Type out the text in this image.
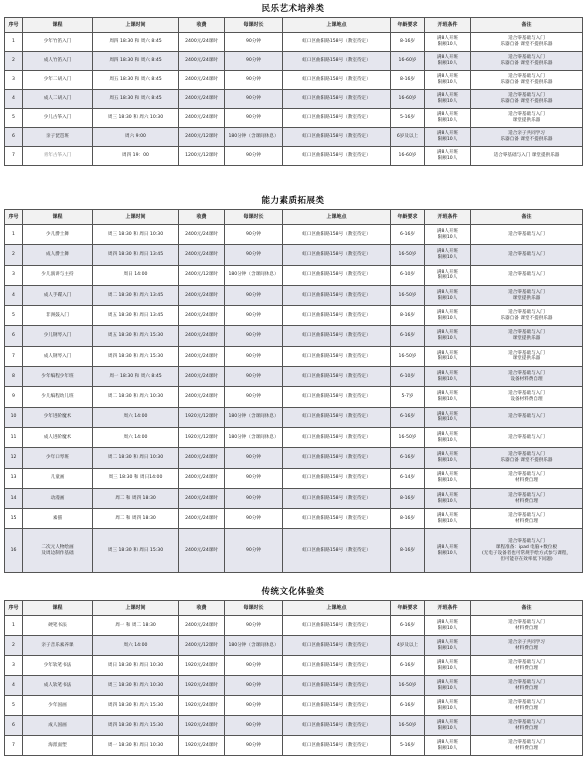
民乐艺术培养类
序号	课程	上课时间	收费	每课时长	上课地点	年龄要求	开班条件	备注
1	少年竹笛入门	周四 18:30 和 周六 8:45	2400元/24课时	90分钟	虹口区曲阳路158号（教室待定）	8-16岁	满8人开班
限额10人	适合零基础与入门
乐器自备 课堂不提供乐器
2	成人竹笛入门	周四 18:30 和 周六 8:45	2400元/24课时	90分钟	虹口区曲阳路158号（教室待定）	16-60岁	满8人开班
限额10人	适合零基础与入门
乐器自备 课堂不提供乐器
3	少年二胡入门	周五 18:30 和 周六 8:45	2400元/24课时	90分钟	虹口区曲阳路158号（教室待定）	8-16岁	满8人开班
限额10人	适合零基础与入门
乐器自备 课堂不提供乐器
4	成人二胡入门	周五 18:30 和 周六 8:45	2400元/24课时	90分钟	虹口区曲阳路158号（教室待定）	16-60岁	满8人开班
限额10人	适合零基础与入门
乐器自备 课堂不提供乐器
5	少儿古筝入门	周三 18:30 和 周六 10:30	2400元/24课时	90分钟	虹口区曲阳路158号（教室待定）	5-16岁	满8人开班
限额10人	适合零基础与入门
课堂提供乐器
6	亲子琵琶班	周六 9:00	2400元/12课时	180分钟（含课间休息）	虹口区曲阳路158号（教室待定）	6岁及以上	满8人开班
限额10人	适合亲子共同学习
乐器自备 课堂不提供乐器
7	青年古筝入门	周四 19：00	1200元/12课时	90分钟	虹口区曲阳路158号（教室待定）	16-60岁	满8人开班
限额10人	适合零基础与入门 课堂提供乐器
能力素质拓展类
序号	课程	上课时间	收费	每课时长	上课地点	年龄要求	开班条件	备注
1	少儿爵士舞	周三 18:30 和 周日 10:30	2400元/24课时	90分钟	虹口区曲阳路158号（教室待定）	6-16岁	满8人开班
限额10人	适合零基础与入门
2	成人爵士舞	周四 18:30 和 周日 13:45	2400元/24课时	90分钟	虹口区曲阳路158号（教室待定）	16-50岁	满8人开班
限额10人	适合零基础与入门
3	少儿演讲与主持	周日 14:00	2400元/12课时	180分钟（含课间休息）	虹口区曲阳路158号（教室待定）	6-10岁	满8人开班
限额10人	适合零基础与入门
4	成人手碟入门	周二 18:30 和 周六 13:45	2400元/24课时	90分钟	虹口区曲阳路158号（教室待定）	16-50岁	满8人开班
限额10人	适合零基础与入门
课堂提供乐器
5	非洲鼓入门	周五 18:30 和 周日 13:45	2400元/24课时	90分钟	虹口区曲阳路158号（教室待定）	8-16岁	满8人开班
限额10人	适合零基础与入门
乐器自备 课堂不提供乐器
6	少儿钢琴入门	周五 18:30 和 周六 15:30	2400元/24课时	90分钟	虹口区曲阳路158号（教室待定）	6-16岁	满8人开班
限额10人	适合零基础与入门
课堂提供乐器
7	成人钢琴入门	周四 18:30 和 周六 15:30	2400元/24课时	90分钟	虹口区曲阳路158号（教室待定）	16-50岁	满8人开班
限额10人	适合零基础与入门
课堂提供乐器
8	少年编程少年班	周一 18:30 和 周六 8:45	2400元/24课时	90分钟	虹口区曲阳路158号（教室待定）	6-10岁	满8人开班
限额10人	适合零基础与入门
设备材料费自理
9	少儿编程幼儿班	周二 18:30 和 周六 10:30	2400元/24课时	90分钟	虹口区曲阳路158号（教室待定）	5-7岁	满8人开班
限额10人	适合零基础与入门
设备材料费自理
10	少年进阶魔术	周六 14:00	1920元/12课时	180分钟（含课间休息）	虹口区曲阳路158号（教室待定）	6-16岁	满8人开班
限额10人	适合零基础与入门
11	成人进阶魔术	周六 14:00	1920元/12课时	180分钟（含课间休息）	虹口区曲阳路158号（教室待定）	16-50岁	满8人开班
限额10人	适合零基础与入门
12	少年口琴班	周二 18:30 和 周日 10:30	2400元/24课时	90分钟	虹口区曲阳路158号（教室待定）	6-16岁	满8人开班
限额10人	适合零基础与入门
乐器自备 课堂不提供乐器
13	儿童画	周三 18:30 和 周日14:00	2400元/24课时	90分钟	虹口区曲阳路158号（教室待定）	6-14岁	满8人开班
限额10人	适合零基础与入门
材料费自理
14	动漫画	周二 和 周四 18:30	2400元/24课时	90分钟	虹口区曲阳路158号（教室待定）	8-16岁	满8人开班
限额10人	适合零基础与入门
材料费自理
15	素描	周二 和 周四 18:30	2400元/24课时	90分钟	虹口区曲阳路158号（教室待定）	8-16岁	满8人开班
限额10人	适合零基础与入门
材料费自理
16	二次元人物绘画
及周边制作基础	周三 18:30 和 周日 15:30	2400元/24课时	90分钟	虹口区曲阳路158号（教室待定）	8-16岁	满8人开班
限额10人	适合零基础与入门
课程准备：ipad 电脑+数位板
(无电子设备者也可常规手绘方式参与课程，
但可能存在效率低下问题)
传统文化体验类
序号	课程	上课时间	收费	每课时长	上课地点	年龄要求	开班条件	备注
1	硬笔书法	周一 和 周二 18:30	2400元/24课时	90分钟	虹口区曲阳路158号（教室待定）	6-16岁	满8人开班
限额10人	适合零基础与入门
材料费自理
2	亲子音乐素养课	周六 14:00	2400元/12课时	180分钟（含课间休息）	虹口区曲阳路158号（教室待定）	4岁及以上	满8人开班
限额10人	适合亲子共同学习
材料费自理
3	少年软笔书法	周日 18:30 和 周日 10:30	1920元/24课时	90分钟	虹口区曲阳路158号（教室待定）	6-16岁	满8人开班
限额10人	适合零基础与入门
材料费自理
4	成人软笔书法	周三 18:30 和 周六 10:30	1920元/24课时	90分钟	虹口区曲阳路158号（教室待定）	16-50岁	满8人开班
限额10人	适合零基础与入门
材料费自理
5	少年国画	周四 18:30 和 周六 15:30	1920元/24课时	90分钟	虹口区曲阳路158号（教室待定）	6-16岁	满8人开班
限额10人	适合零基础与入门
材料费自理
6	成人国画	周四 18:30 和 周六 15:30	1920元/24课时	90分钟	虹口区曲阳路158号（教室待定）	16-50岁	满8人开班
限额10人	适合零基础与入门
材料费自理
7	海派面塑	周一 18:30 和 周日 10:30	1920元/24课时	90分钟	虹口区曲阳路158号（教室待定）	5-16岁	满8人开班
限额10人	适合零基础与入门
材料费自理
